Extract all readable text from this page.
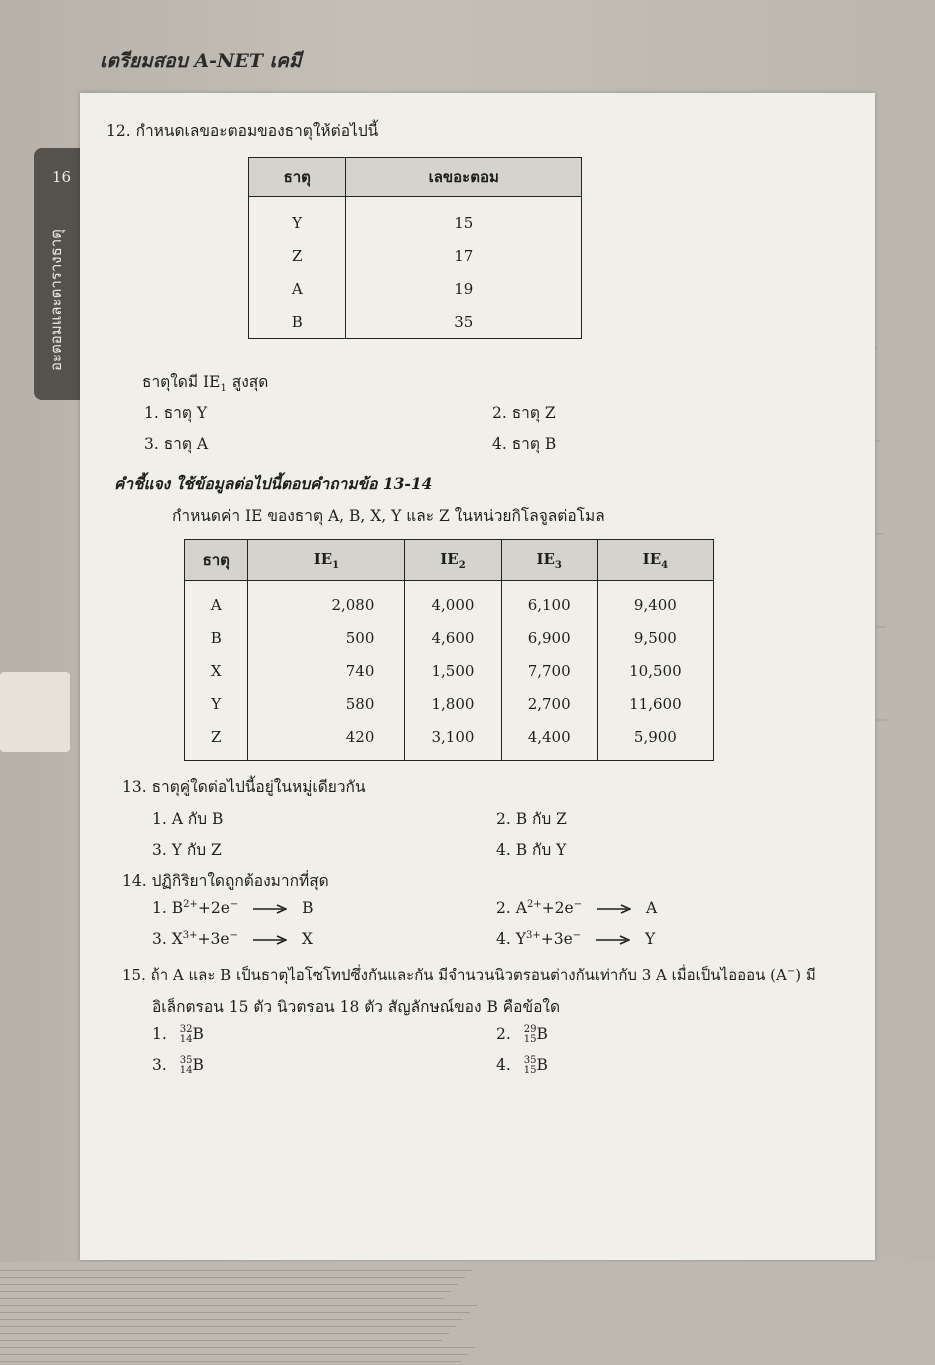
เตรียมสอบ A-NET เคมี
16
อะตอมและตารางธาตุ
12. กำหนดเลขอะตอมของธาตุให้ต่อไปนี้
ธาตุ	เลขอะตอม
Y	15
Z	17
A	19
B	35
ธาตุใดมี $IE_1$ สูงสุด
1. ธาตุ Y	2. ธาตุ Z
3. ธาตุ A	4. ธาตุ B
คำชี้แจง ใช้ข้อมูลต่อไปนี้ตอบคำถามข้อ 13-14
กำหนดค่า IE ของธาตุ A, B, X, Y และ Z ในหน่วยกิโลจูลต่อโมล
ธาตุ	$IE_1$	$IE_2$	$IE_3$	$IE_4$
A	2,080	4,000	6,100	9,400
B	500	4,600	6,900	9,500
X	740	1,500	7,700	10,500
Y	580	1,800	2,700	11,600
Z	420	3,100	4,400	5,900
13. ธาตุคู่ใดต่อไปนี้อยู่ในหมู่เดียวกัน
1. A กับ B	2. B กับ Z
3. Y กับ Z	4. B กับ Y
14. ปฏิกิริยาใดถูกต้องมากที่สุด
1. $B^{2+}+2e^- \to B$	2. $A^{2+}+2e^- \to A$
3. $X^{3+}+3e^- \to X$	4. $Y^{3+}+3e^- \to Y$
15. ถ้า A และ B เป็นธาตุไอโซโทปซึ่งกันและกัน มีจำนวนนิวตรอนต่างกันเท่ากับ 3 A เมื่อเป็นไอออน (A−) มี
อิเล็กตรอน 15 ตัว นิวตรอน 18 ตัว สัญลักษณ์ของ B คือข้อใด
1. 32
14 B	2. 29
15 B
3. 35
14 B	4. 35
15 B
